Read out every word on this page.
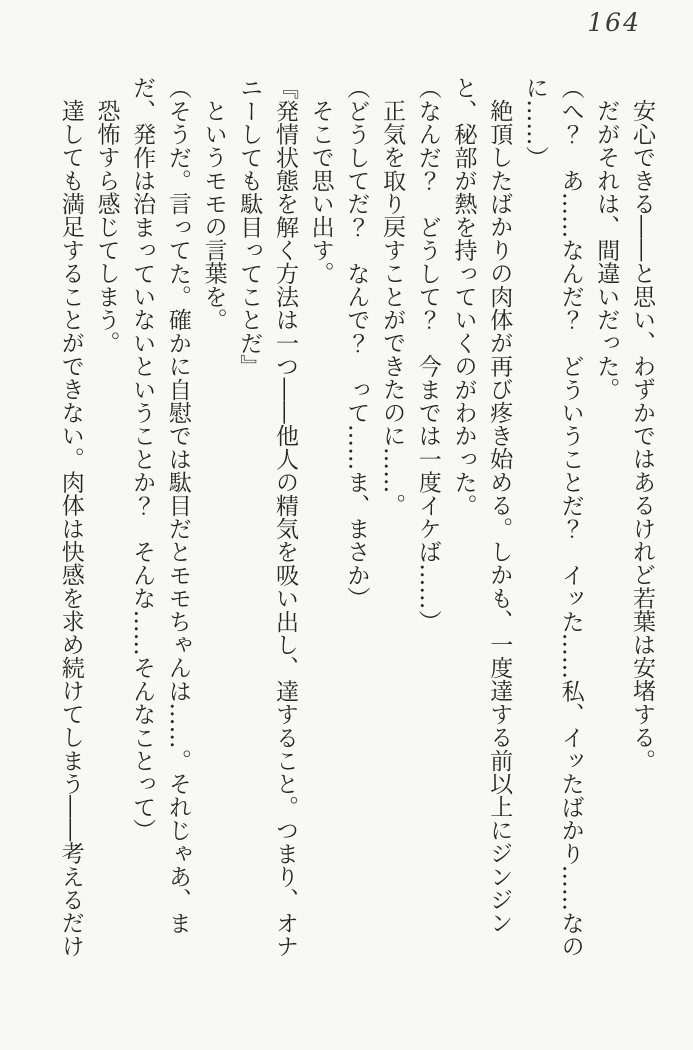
164

安心できる――と思い、わずかではあるけれど若葉は安堵する。

だがそれは、間違いだった。

（へ？　あ……なんだ？　どういうことだ？　イッた……私、イッたばかり……なのに……）

絶頂したばかりの肉体が再び疼き始める。しかも、一度達する前以上にジンジンと、秘部が熱を持っていくのがわかった。

（なんだ？　どうして？　今までは一度イケば……）

正気を取り戻すことができたのに……。

（どうしてだ？　なんで？　って……ま、まさか）

そこで思い出す。

『発情状態を解く方法は一つ――他人の精気を吸い出し、達すること。つまり、オナニーしても駄目ってことだ』

というモモの言葉を。

（そうだ。言ってた。確かに自慰では駄目だとモモちゃんは……。それじゃあ、まだ、発作は治まっていないということか？　そんな……そんなことって）

恐怖すら感じてしまう。

達しても満足することができない。肉体は快感を求め続けてしまう――考えるだけ
